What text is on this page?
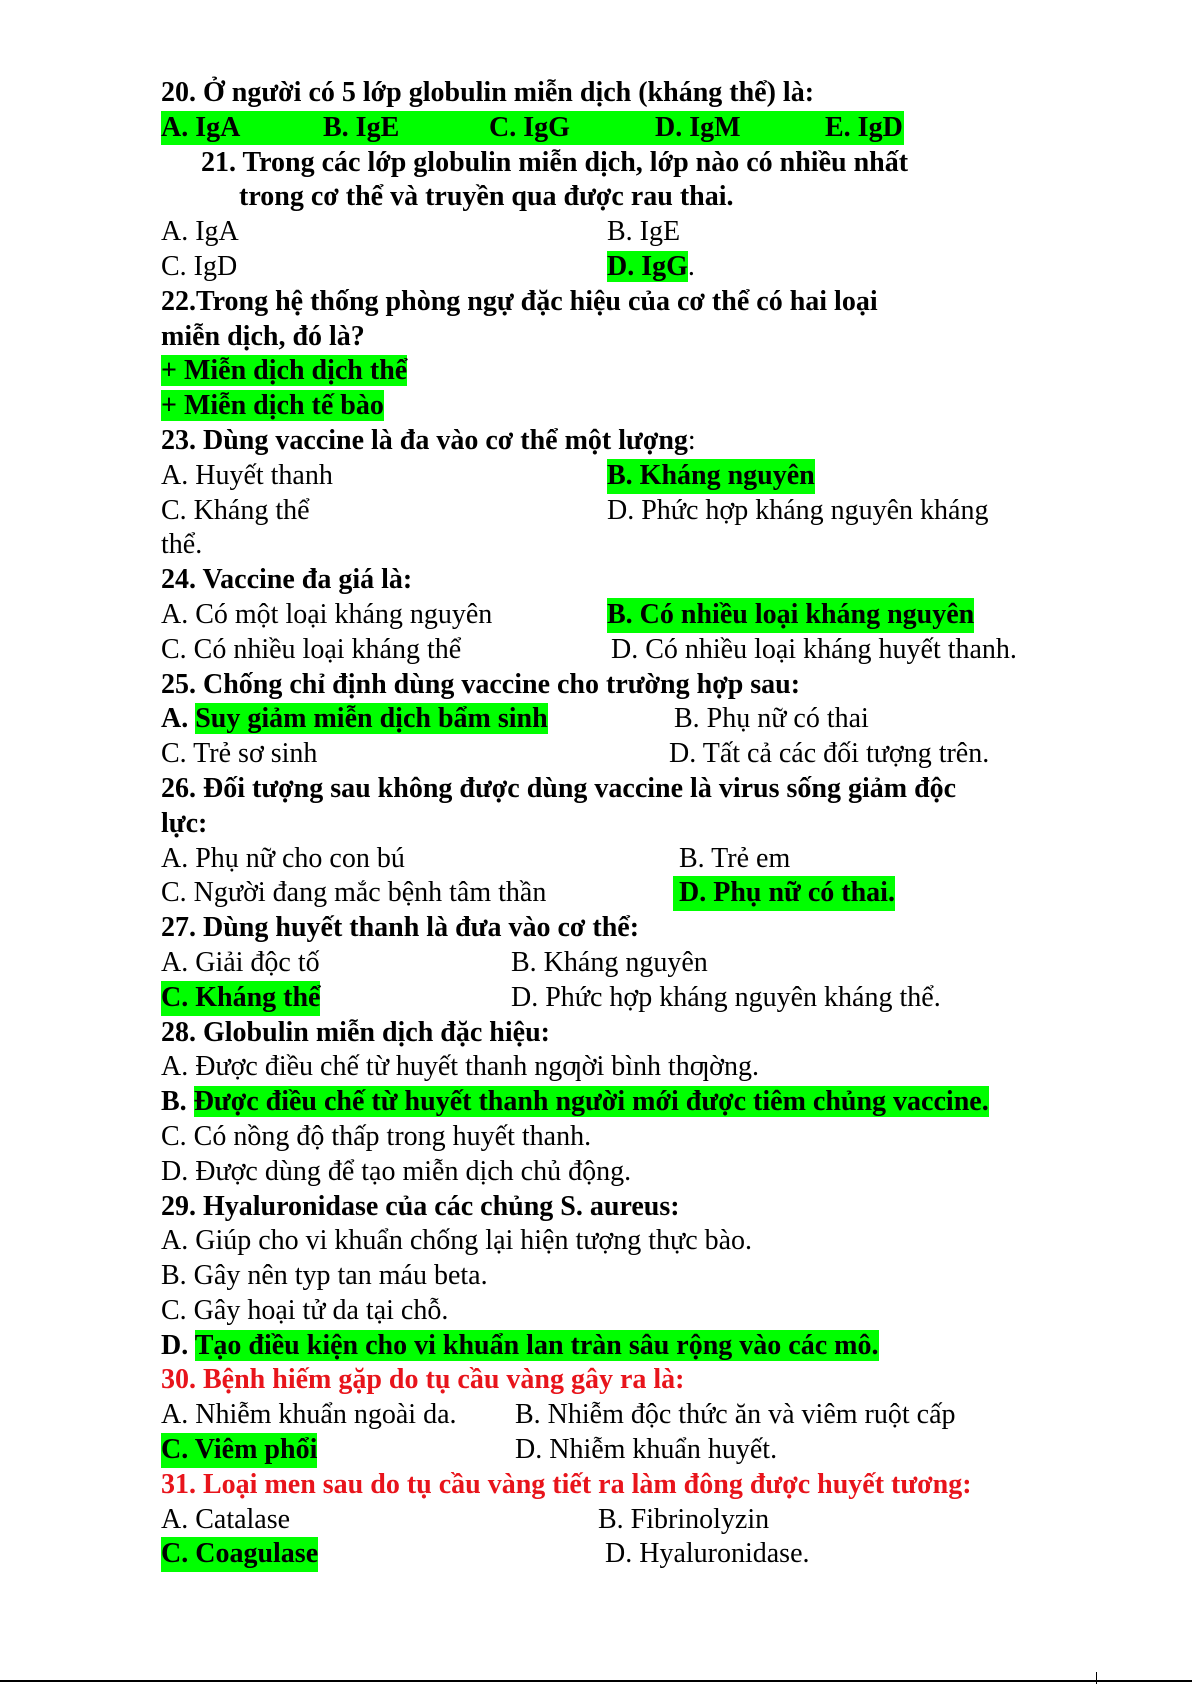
20. Ở người có 5 lớp globulin miễn dịch (kháng thể) là:
A. IgA	B. IgE	C. IgG	D. IgM	E. IgD
21. Trong các lớp globulin miễn dịch, lớp nào có nhiều nhất
trong cơ thể và truyền qua được rau thai.
A. IgA	B. IgE
C. IgD	D. IgG.
22.Trong hệ thống phòng ngự đặc hiệu của cơ thể có hai loại
miễn dịch, đó là?
+ Miễn dịch dịch thể
+ Miễn dịch tế bào
23. Dùng vaccine là đa vào cơ thể một lượng:
A. Huyết thanh	B. Kháng nguyên
C. Kháng thể	D. Phức hợp kháng nguyên kháng
thể.
24. Vaccine đa giá là:
A. Có một loại kháng nguyên	B. Có nhiều loại kháng nguyên
C. Có nhiều loại kháng thể	D. Có nhiều loại kháng huyết thanh.
25. Chống chỉ định dùng vaccine cho trường hợp sau:
A. Suy giảm miễn dịch bẩm sinh	B. Phụ nữ có thai
C. Trẻ sơ sinh	D. Tất cả các đối tượng trên.
26. Đối tượng sau không được dùng vaccine là virus sống giảm độc
lực:
A. Phụ nữ cho con bú	B. Trẻ em
C. Người đang mắc bệnh tâm thần	D. Phụ nữ có thai.
27. Dùng huyết thanh là đưa vào cơ thể:
A. Giải độc tố	B. Kháng nguyên
C. Kháng thể	D. Phức hợp kháng nguyên kháng thể.
28. Globulin miễn dịch đặc hiệu:
A. Được điều chế từ huyết thanh ngƣời bình thƣờng.
B. Được điều chế từ huyết thanh người mới được tiêm chủng vaccine.
C. Có nồng độ thấp trong huyết thanh.
D. Được dùng để tạo miễn dịch chủ động.
29. Hyaluronidase của các chủng S. aureus:
A. Giúp cho vi khuẩn chống lại hiện tượng thực bào.
B. Gây nên typ tan máu beta.
C. Gây hoại tử da tại chỗ.
D. Tạo điều kiện cho vi khuẩn lan tràn sâu rộng vào các mô.
30. Bệnh hiếm gặp do tụ cầu vàng gây ra là:
A. Nhiễm khuẩn ngoài da. B. Nhiễm độc thức ăn và viêm ruột cấp
C. Viêm phổi	D. Nhiễm khuẩn huyết.
31. Loại men sau do tụ cầu vàng tiết ra làm đông được huyết tương:
A. Catalase	B. Fibrinolyzin
C. Coagulase	D. Hyaluronidase.
